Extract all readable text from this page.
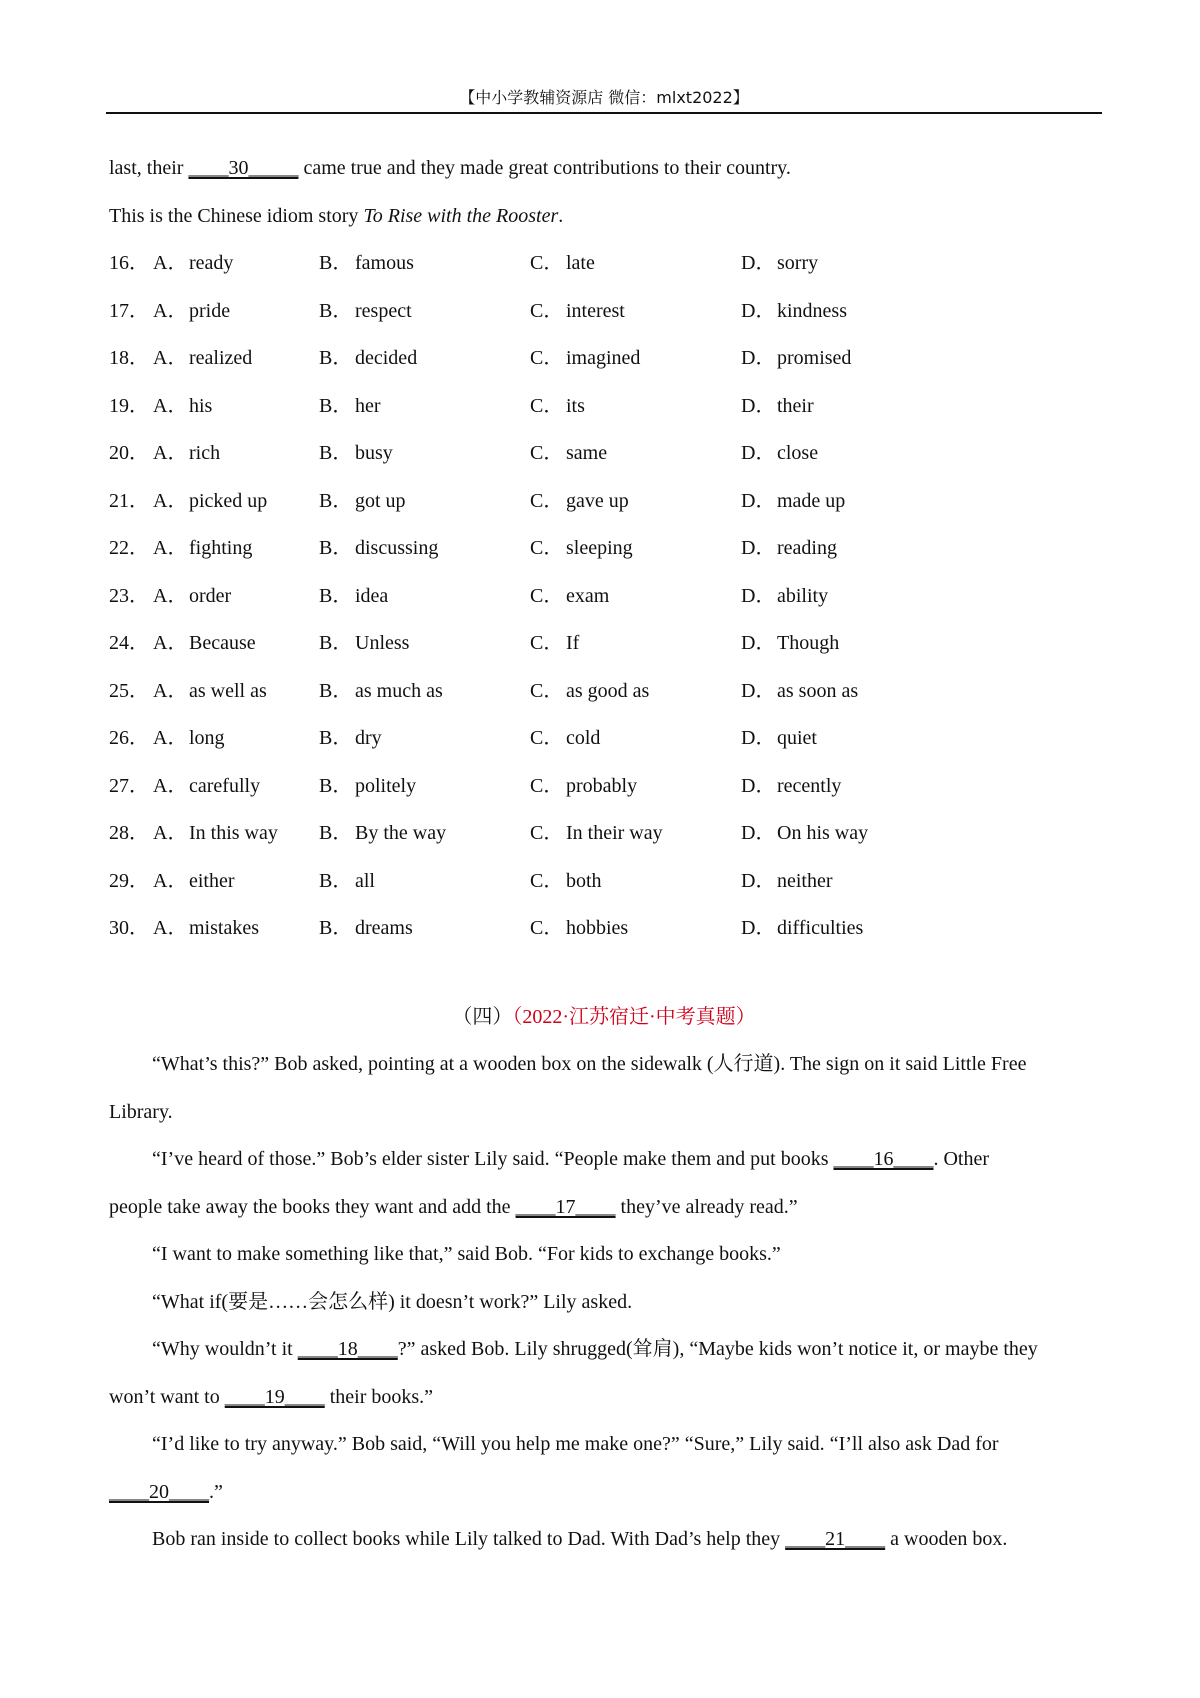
【中小学教辅资源店 微信：mlxt2022】
last, their ____30_____ came true and they made great contributions to their country.
This is the Chinese idiom story To Rise with the Rooster.
16． A． ready	B． famous	C． late	D． sorry
17． A． pride	B． respect	C． interest	D． kindness
18． A． realized	B． decided	C． imagined	D． promised
19． A． his	B． her	C． its	D． their
20． A． rich	B． busy	C． same	D． close
21． A． picked up	B． got up	C． gave up	D． made up
22． A． fighting	B． discussing	C． sleeping	D． reading
23． A． order	B． idea	C． exam	D． ability
24． A． Because	B． Unless	C． If	D． Though
25． A． as well as	B． as much as	C． as good as	D． as soon as
26． A． long	B． dry	C． cold	D． quiet
27． A． carefully	B． politely	C． probably	D． recently
28． A． In this way B． By the way	C． In their way	D． On his way
29． A． either	B． all	C． both	D． neither
30． A． mistakes	B． dreams	C． hobbies	D． difficulties
（四）（2022·江苏宿迁·中考真题）
“What’s this?” Bob asked, pointing at a wooden box on the sidewalk (人行道). The sign on it said Little Free
Library.
“I’ve heard of those.” Bob’s elder sister Lily said. “People make them and put books ____16____. Other
people take away the books they want and add the ____17____ they’ve already read.”
“I want to make something like that,” said Bob. “For kids to exchange books.”
“What if(要是……会怎么样) it doesn’t work?” Lily asked.
“Why wouldn’t it ____18____?” asked Bob. Lily shrugged(耸肩), “Maybe kids won’t notice it, or maybe they
won’t want to ____19____ their books.”
“I’d like to try anyway.” Bob said, “Will you help me make one?” “Sure,” Lily said. “I’ll also ask Dad for
____20____.”
Bob ran inside to collect books while Lily talked to Dad. With Dad’s help they ____21____ a wooden box.
